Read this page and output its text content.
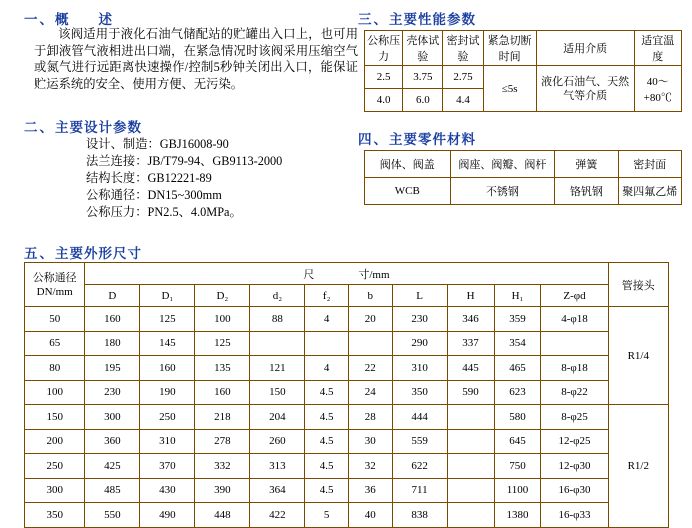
一、概　　述

该阀适用于液化石油气储配站的贮罐出入口上，也可用于卸液管气液相进出口端，在紧急情况时该阀采用压缩空气或氮气进行远距离快速操作/控制5秒钟关闭出入口，能保证贮运系统的安全、使用方便、无污染。

二、主要设计参数
设计、制造：GBJ16008-90
法兰连接：JB/T79-94、GB9113-2000
结构长度：GB12221-89
公称通径：DN15~300mm
公称压力：PN2.5、4.0MPa。
三、主要性能参数
公称压力	壳体试验	密封试验	紧急切断时间	适用介质	适宜温度
2.5	3.75	2.75	≤5s	液化石油气、天然气等介质	40～+80℃
4.0	6.0	4.4			
四、主要零件材料
阀体、阀盖	阀座、阀瓣、阀杆	弹簧	密封面
WCB	不锈钢	铬钒钢	聚四氟乙烯
五、主要外形尺寸
公称通径
DN/mm	尺　　　　寸/mm										管接头
	D	D₁	D₂	d₂	f₂	b	L	H	H₁	Z-φd	
50	160	125	100	88	4	20	230	346	359	4-φ18	R1/4
65	180	145	125				290	337	354		
80	195	160	135	121	4	22	310	445	465	8-φ18	
100	230	190	160	150	4.5	24	350	590	623	8-φ22	
150	300	250	218	204	4.5	28	444		580	8-φ25	R1/2
200	360	310	278	260	4.5	30	559		645	12-φ25	
250	425	370	332	313	4.5	32	622		750	12-φ30	
300	485	430	390	364	4.5	36	711		1100	16-φ30	
350	550	490	448	422	5	40	838		1380	16-φ33	
